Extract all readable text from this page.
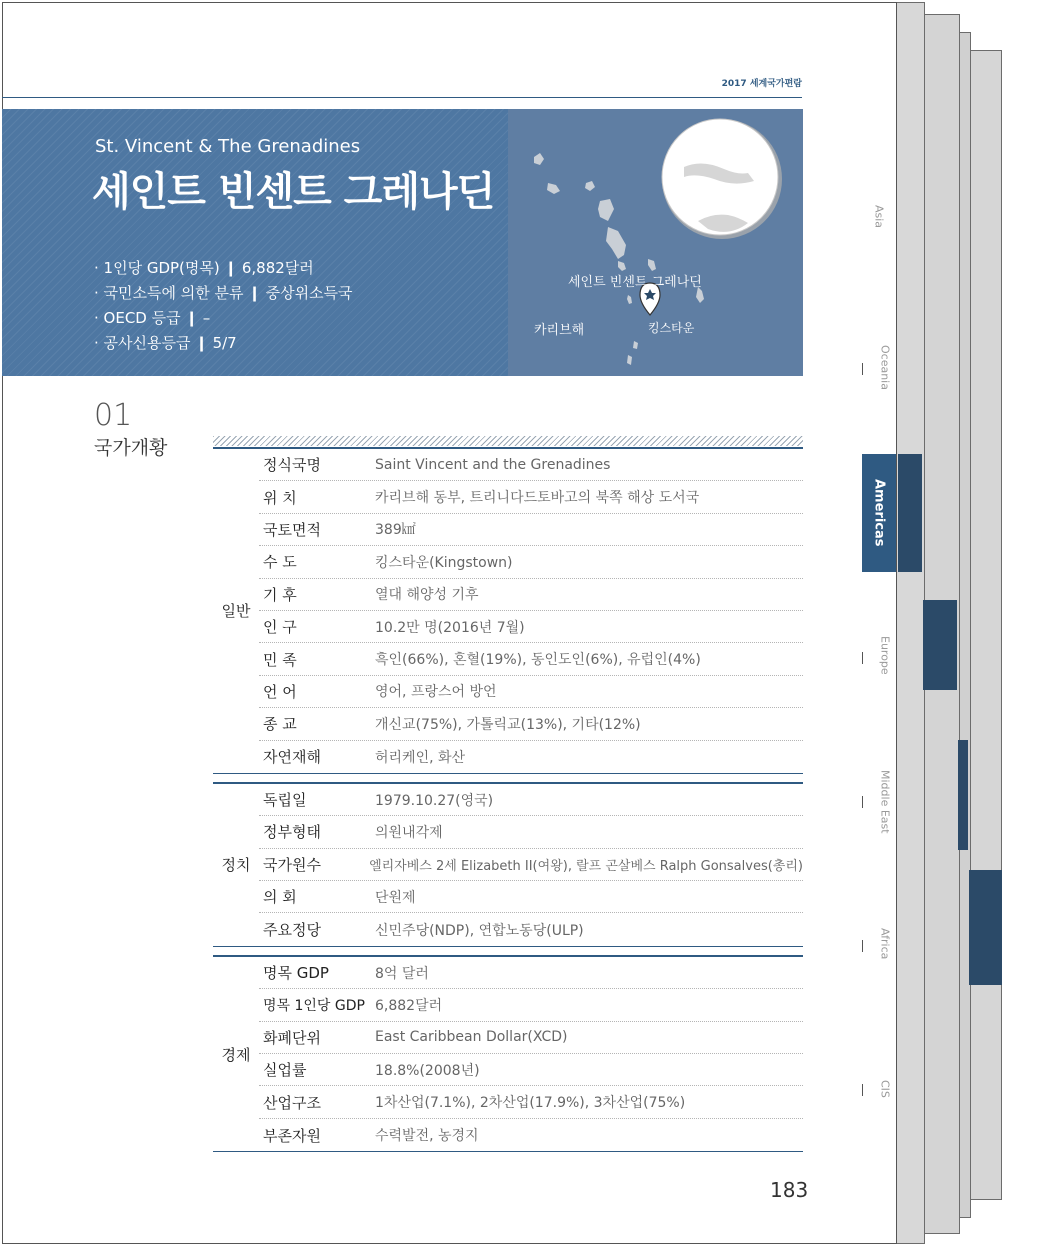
Asia
Oceania
Americas
Europe
Middle East
Africa
CIS
2017 세계국가편람
St. Vincent & The Grenadines
세인트 빈센트 그레나딘
· 1인당 GDP(명목) ❙ 6,882달러
· 국민소득에 의한 분류 ❙ 중상위소득국
· OECD 등급 ❙ –
· 공사신용등급 ❙ 5/7
세인트 빈센트 그레나딘
카리브해	킹스타운
01
국가개황
일반
정식국명	Saint Vincent and the Grenadines
위 치	카리브해 동부, 트리니다드토바고의 북쪽 해상 도서국
국토면적	389㎢
수 도	킹스타운(Kingstown)
기 후	열대 해양성 기후
인 구	10.2만 명(2016년 7월)
민 족	흑인(66%), 혼혈(19%), 동인도인(6%), 유럽인(4%)
언 어	영어, 프랑스어 방언
종 교	개신교(75%), 가톨릭교(13%), 기타(12%)
자연재해	허리케인, 화산
정치
독립일	1979.10.27(영국)
정부형태	의원내각제
국가원수	엘리자베스 2세 Elizabeth II(여왕), 랄프 곤살베스 Ralph Gonsalves(총리)
의 회	단원제
주요정당	신민주당(NDP), 연합노동당(ULP)
경제
명목 GDP	8억 달러
명목 1인당 GDP 6,882달러
화폐단위	East Caribbean Dollar(XCD)
실업률	18.8%(2008년)
산업구조	1차산업(7.1%), 2차산업(17.9%), 3차산업(75%)
부존자원	수력발전, 농경지
183
